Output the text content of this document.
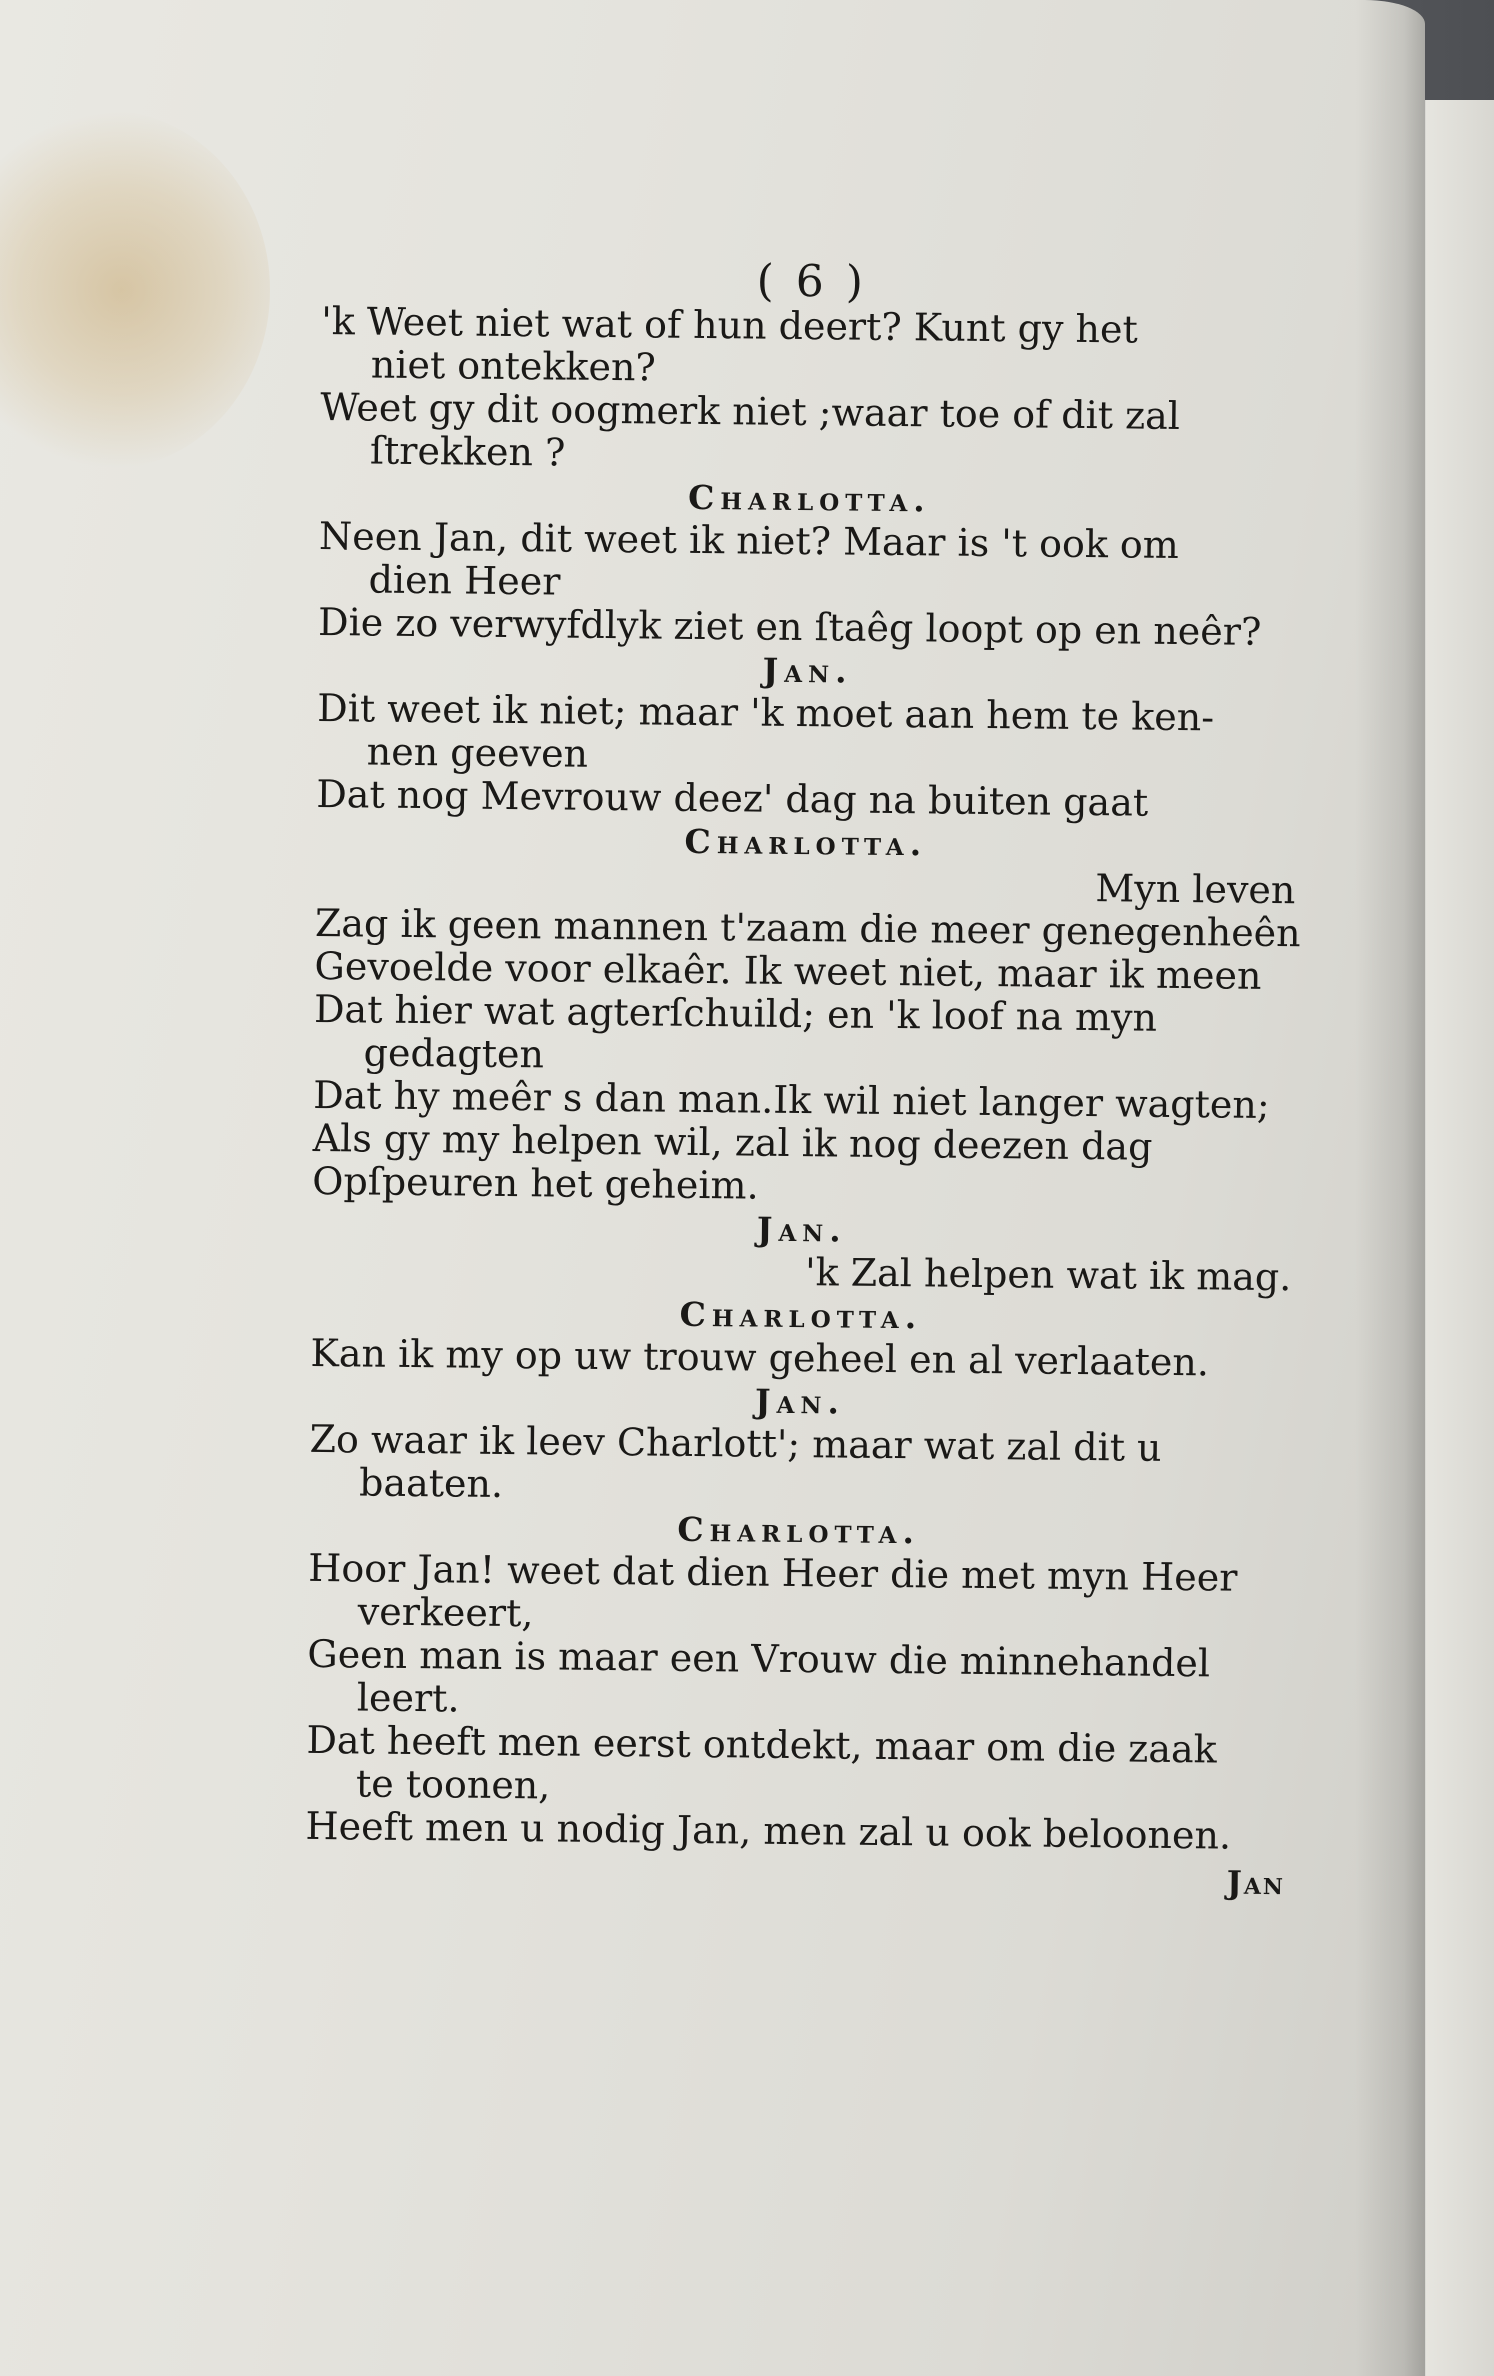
( 6 )
'k Weet niet wat of hun deert? Kunt gy het
niet ontekken?
Weet gy dit oogmerk niet ;waar toe of dit zal
ſtrekken ?
Charlotta.
Neen Jan, dit weet ik niet? Maar is 't ook om
dien Heer
Die zo verwyfdlyk ziet en ſtaêg loopt op en neêr?
Jan.
Dit weet ik niet; maar 'k moet aan hem te ken-
nen geeven
Dat nog Mevrouw deez' dag na buiten gaat
Charlotta.
Myn leven
Zag ik geen mannen t'zaam die meer genegenheên
Gevoelde voor elkaêr. Ik weet niet, maar ik meen
Dat hier wat agterſchuild; en 'k loof na myn
gedagten
Dat hy meêr s dan man.Ik wil niet langer wagten;
Als gy my helpen wil, zal ik nog deezen dag
Opſpeuren het geheim.
Jan.
'k Zal helpen wat ik mag.
Charlotta.
Kan ik my op uw trouw geheel en al verlaaten.
Jan.
Zo waar ik leev Charlott'; maar wat zal dit u
baaten.
Charlotta.
Hoor Jan! weet dat dien Heer die met myn Heer
verkeert,
Geen man is maar een Vrouw die minnehandel
leert.
Dat heeft men eerst ontdekt, maar om die zaak
te toonen,
Heeft men u nodig Jan, men zal u ook beloonen.
Jan
